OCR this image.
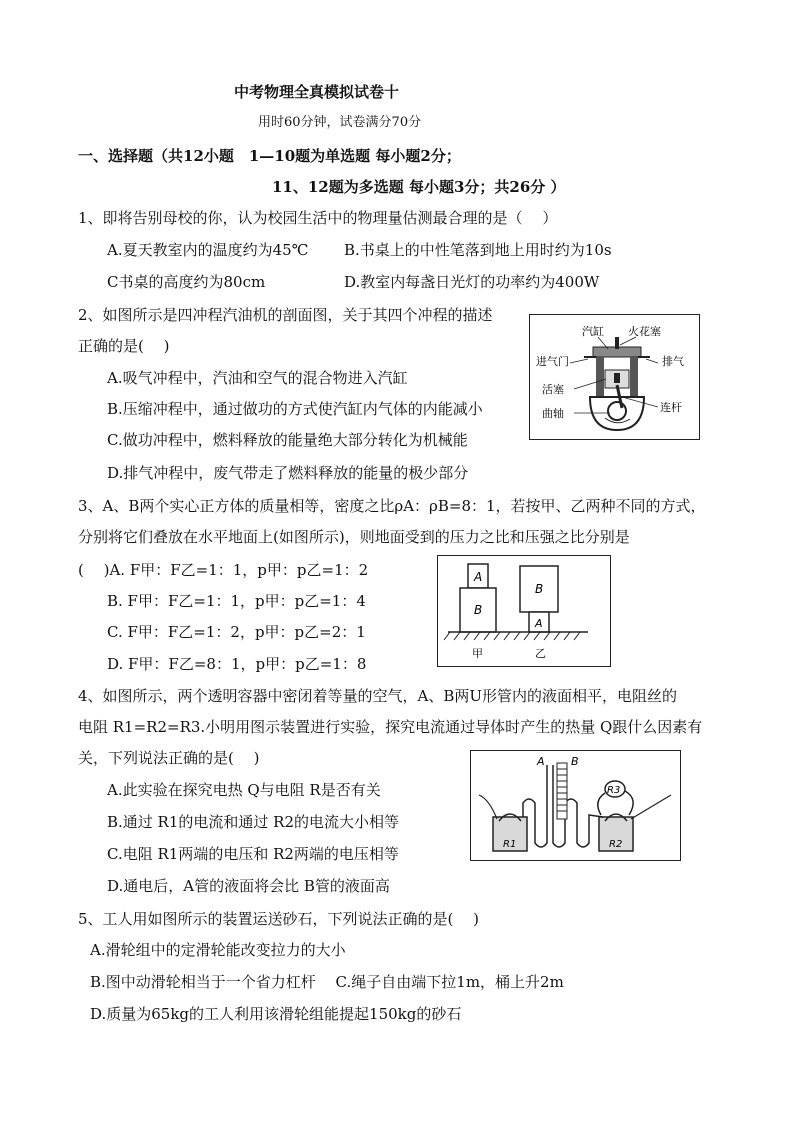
中考物理全真模拟试卷十
用时60分钟，试卷满分70分
一、选择题（共12小题　1—10题为单选题 每小题2分；
11、12题为多选题 每小题3分；共26分 ）
1、即将告别母校的你，认为校园生活中的物理量估测最合理的是（　 ）
A.夏天教室内的温度约为45℃ B.书桌上的中性笔落到地上用时约为10s
C书桌的高度约为80cm	D.教室内每盏日光灯的功率约为400W
2、如图所示是四冲程汽油机的剖面图，关于其四个冲程的描述
正确的是(　 )
A.吸气冲程中，汽油和空气的混合物进入汽缸
B.压缩冲程中，通过做功的方式使汽缸内气体的内能减小
C.做功冲程中，燃料释放的能量绝大部分转化为机械能
D.排气冲程中，废气带走了燃料释放的能量的极少部分
汽缸 火花塞
进气门	排气
活塞
曲轴	连杆
3、A、B两个实心正方体的质量相等，密度之比ρA：ρB=8：1，若按甲、乙两种不同的方式，
分别将它们叠放在水平地面上(如图所示)，则地面受到的压力之比和压强之比分别是
(　 )A. F甲：F乙=1：1，p甲：p乙=1：2
B. F甲：F乙=1：1，p甲：p乙=1：4
C. F甲：F乙=1：2，p甲：p乙=2：1
D. F甲：F乙=8：1，p甲：p乙=1：8
A
B
B
A
甲	乙
4、如图所示，两个透明容器中密闭着等量的空气，A、B两U形管内的液面相平，电阻丝的
电阻 R1=R2=R3.小明用图示装置进行实验，探究电流通过导体时产生的热量 Q跟什么因素有
关，下列说法正确的是(　 )
A.此实验在探究电热 Q与电阻 R是否有关
B.通过 R1的电流和通过 R2的电流大小相等
C.电阻 R1两端的电压和 R2两端的电压相等
D.通电后，A管的液面将会比 B管的液面高
A B
R1	R2
R3
5、工人用如图所示的装置运送砂石，下列说法正确的是(　 )
A.滑轮组中的定滑轮能改变拉力的大小
B.图中动滑轮相当于一个省力杠杆　 C.绳子自由端下拉1m，桶上升2m
D.质量为65kg的工人利用该滑轮组能提起150kg的砂石
